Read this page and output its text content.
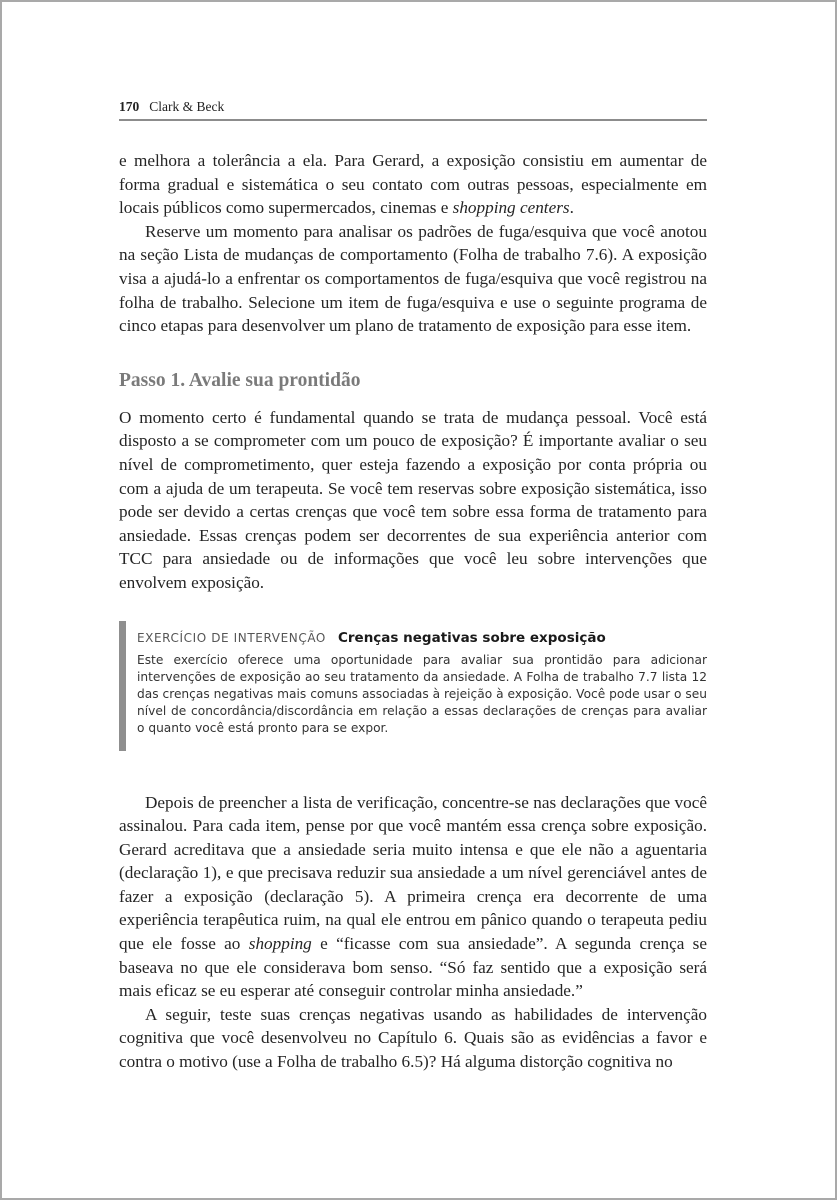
170 Clark & Beck

e melhora a tolerância a ela. Para Gerard, a exposição consistiu em aumentar de forma gradual e sistemática o seu contato com outras pessoas, especialmente em locais públicos como supermercados, cinemas e shopping centers.

Reserve um momento para analisar os padrões de fuga/esquiva que você anotou na seção Lista de mudanças de comportamento (Folha de trabalho 7.6). A exposição visa a ajudá-lo a enfrentar os comportamentos de fuga/esquiva que você registrou na folha de trabalho. Selecione um item de fuga/esquiva e use o seguinte programa de cinco etapas para desenvolver um plano de tratamento de exposição para esse item.

Passo 1. Avalie sua prontidão

O momento certo é fundamental quando se trata de mudança pessoal. Você está disposto a se comprometer com um pouco de exposição? É importante avaliar o seu nível de comprometimento, quer esteja fazendo a exposição por conta própria ou com a ajuda de um terapeuta. Se você tem reservas sobre exposição sistemática, isso pode ser devido a certas crenças que você tem sobre essa forma de tratamento para ansiedade. Essas crenças podem ser decorrentes de sua experiência anterior com TCC para ansiedade ou de informações que você leu sobre intervenções que envolvem exposição.

EXERCÍCIO DE INTERVENÇÃO Crenças negativas sobre exposição

Este exercício oferece uma oportunidade para avaliar sua prontidão para adicionar intervenções de exposição ao seu tratamento da ansiedade. A Folha de trabalho 7.7 lista 12 das crenças negativas mais comuns associadas à rejeição à exposição. Você pode usar o seu nível de concordância/discordância em relação a essas declarações de crenças para avaliar o quanto você está pronto para se expor.

Depois de preencher a lista de verificação, concentre-se nas declarações que você assinalou. Para cada item, pense por que você mantém essa crença sobre exposição. Gerard acreditava que a ansiedade seria muito intensa e que ele não a aguentaria (declaração 1), e que precisava reduzir sua ansiedade a um nível gerenciável antes de fazer a exposição (declaração 5). A primeira crença era decorrente de uma experiência terapêutica ruim, na qual ele entrou em pânico quando o terapeuta pediu que ele fosse ao shopping e “ficasse com sua ansiedade”. A segunda crença se baseava no que ele considerava bom senso. “Só faz sentido que a exposição será mais eficaz se eu esperar até conseguir controlar minha ansiedade.”

A seguir, teste suas crenças negativas usando as habilidades de intervenção cognitiva que você desenvolveu no Capítulo 6. Quais são as evidências a favor e contra o motivo (use a Folha de trabalho 6.5)? Há alguma distorção cognitiva no
